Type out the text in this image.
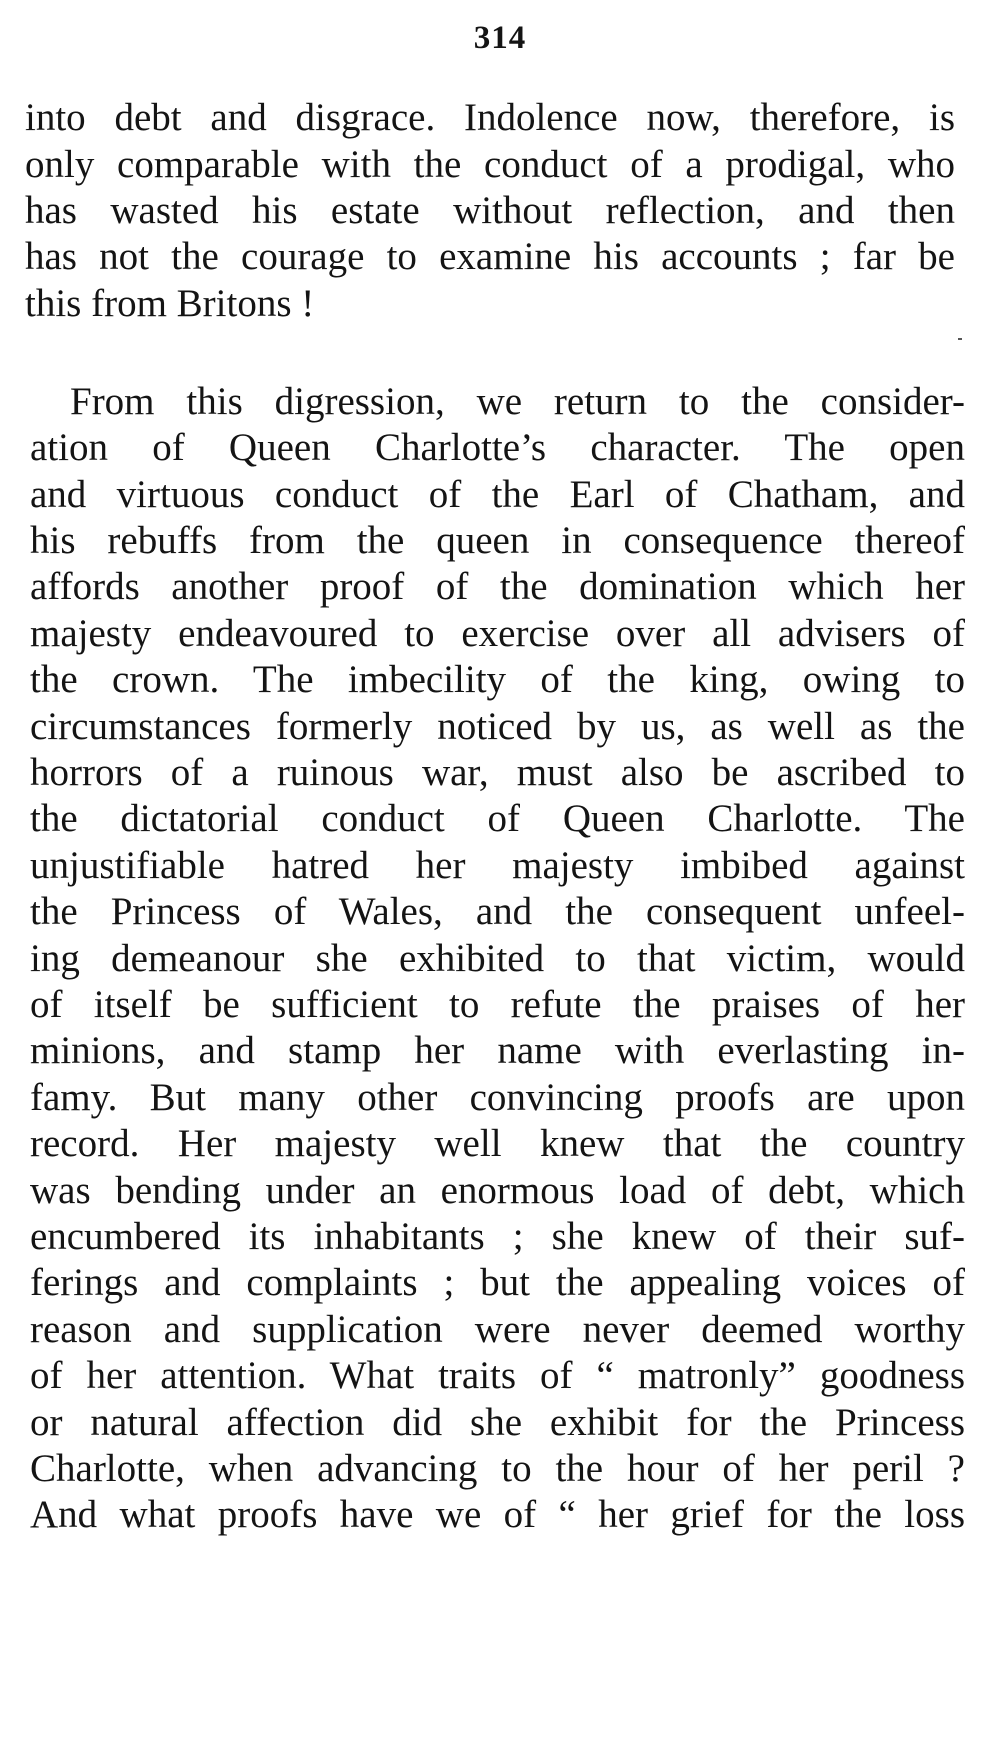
314
into debt and disgrace. Indolence now, therefore, is
only comparable with the conduct of a prodigal, who
has wasted his estate without reflection, and then
has not the courage to examine his accounts ; far be
this from Britons !
From this digression, we return to the consider-
ation of Queen Charlotte’s character. The open
and virtuous conduct of the Earl of Chatham, and
his rebuffs from the queen in consequence thereof
affords another proof of the domination which her
majesty endeavoured to exercise over all advisers of
the crown. The imbecility of the king, owing to
circumstances formerly noticed by us, as well as the
horrors of a ruinous war, must also be ascribed to
the dictatorial conduct of Queen Charlotte. The
unjustifiable hatred her majesty imbibed against
the Princess of Wales, and the consequent unfeel-
ing demeanour she exhibited to that victim, would
of itself be sufficient to refute the praises of her
minions, and stamp her name with everlasting in-
famy. But many other convincing proofs are upon
record. Her majesty well knew that the country
was bending under an enormous load of debt, which
encumbered its inhabitants ; she knew of their suf-
ferings and complaints ; but the appealing voices of
reason and supplication were never deemed worthy
of her attention. What traits of “ matronly” goodness
or natural affection did she exhibit for the Princess
Charlotte, when advancing to the hour of her peril ?
And what proofs have we of “ her grief for the loss
